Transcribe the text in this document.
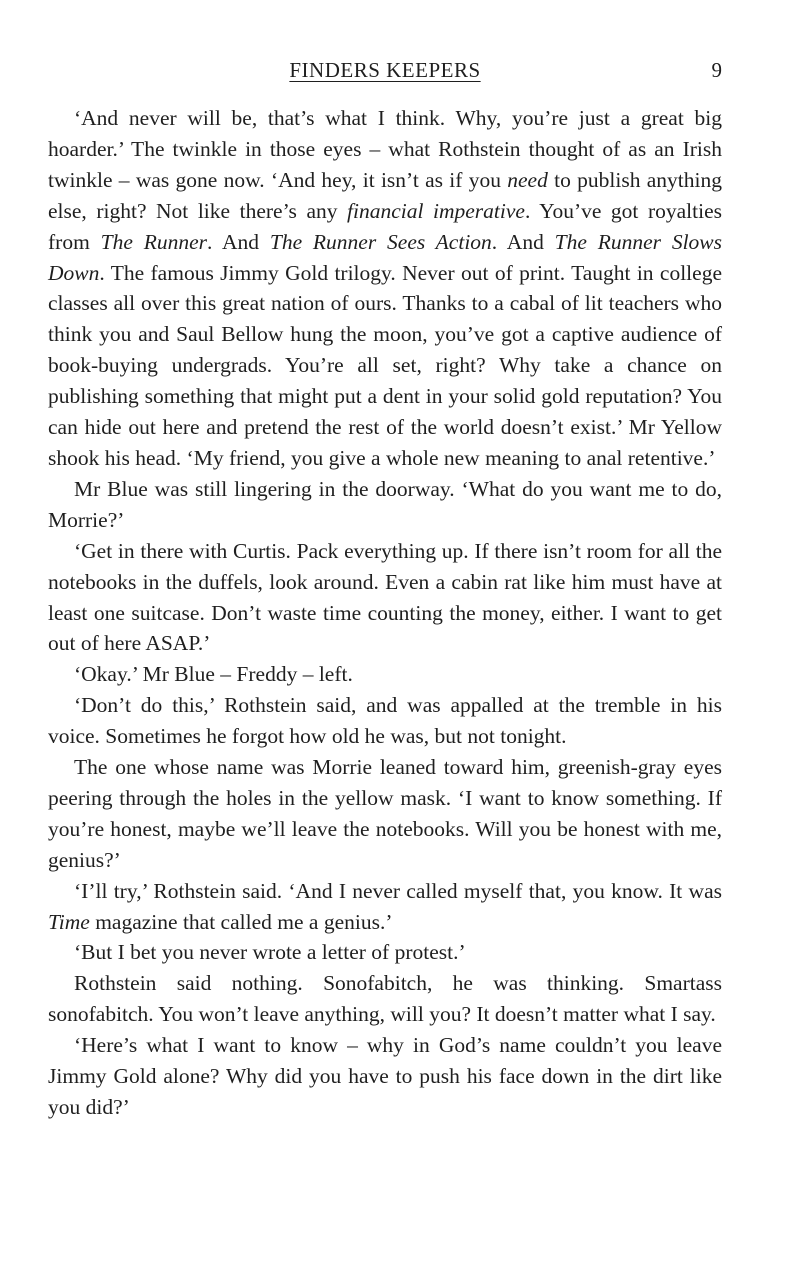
FINDERS KEEPERS	9

‘And never will be, that’s what I think. Why, you’re just a great big hoarder.’ The twinkle in those eyes – what Rothstein thought of as an Irish twinkle – was gone now. ‘And hey, it isn’t as if you need to publish anything else, right? Not like there’s any financial imperative. You’ve got royalties from The Runner. And The Runner Sees Action. And The Runner Slows Down. The famous Jimmy Gold trilogy. Never out of print. Taught in college classes all over this great nation of ours. Thanks to a cabal of lit teachers who think you and Saul Bellow hung the moon, you’ve got a captive audience of book-buying undergrads. You’re all set, right? Why take a chance on publishing something that might put a dent in your solid gold reputation? You can hide out here and pretend the rest of the world doesn’t exist.’ Mr Yellow shook his head. ‘My friend, you give a whole new meaning to anal retentive.’

Mr Blue was still lingering in the doorway. ‘What do you want me to do, Morrie?’

‘Get in there with Curtis. Pack everything up. If there isn’t room for all the notebooks in the duffels, look around. Even a cabin rat like him must have at least one suitcase. Don’t waste time counting the money, either. I want to get out of here ASAP.’

‘Okay.’ Mr Blue – Freddy – left.

‘Don’t do this,’ Rothstein said, and was appalled at the tremble in his voice. Sometimes he forgot how old he was, but not tonight.

The one whose name was Morrie leaned toward him, greenish-gray eyes peering through the holes in the yellow mask. ‘I want to know something. If you’re honest, maybe we’ll leave the notebooks. Will you be honest with me, genius?’

‘I’ll try,’ Rothstein said. ‘And I never called myself that, you know. It was Time magazine that called me a genius.’

‘But I bet you never wrote a letter of protest.’

Rothstein said nothing. Sonofabitch, he was thinking. Smartass sonofabitch. You won’t leave anything, will you? It doesn’t matter what I say.

‘Here’s what I want to know – why in God’s name couldn’t you leave Jimmy Gold alone? Why did you have to push his face down in the dirt like you did?’
